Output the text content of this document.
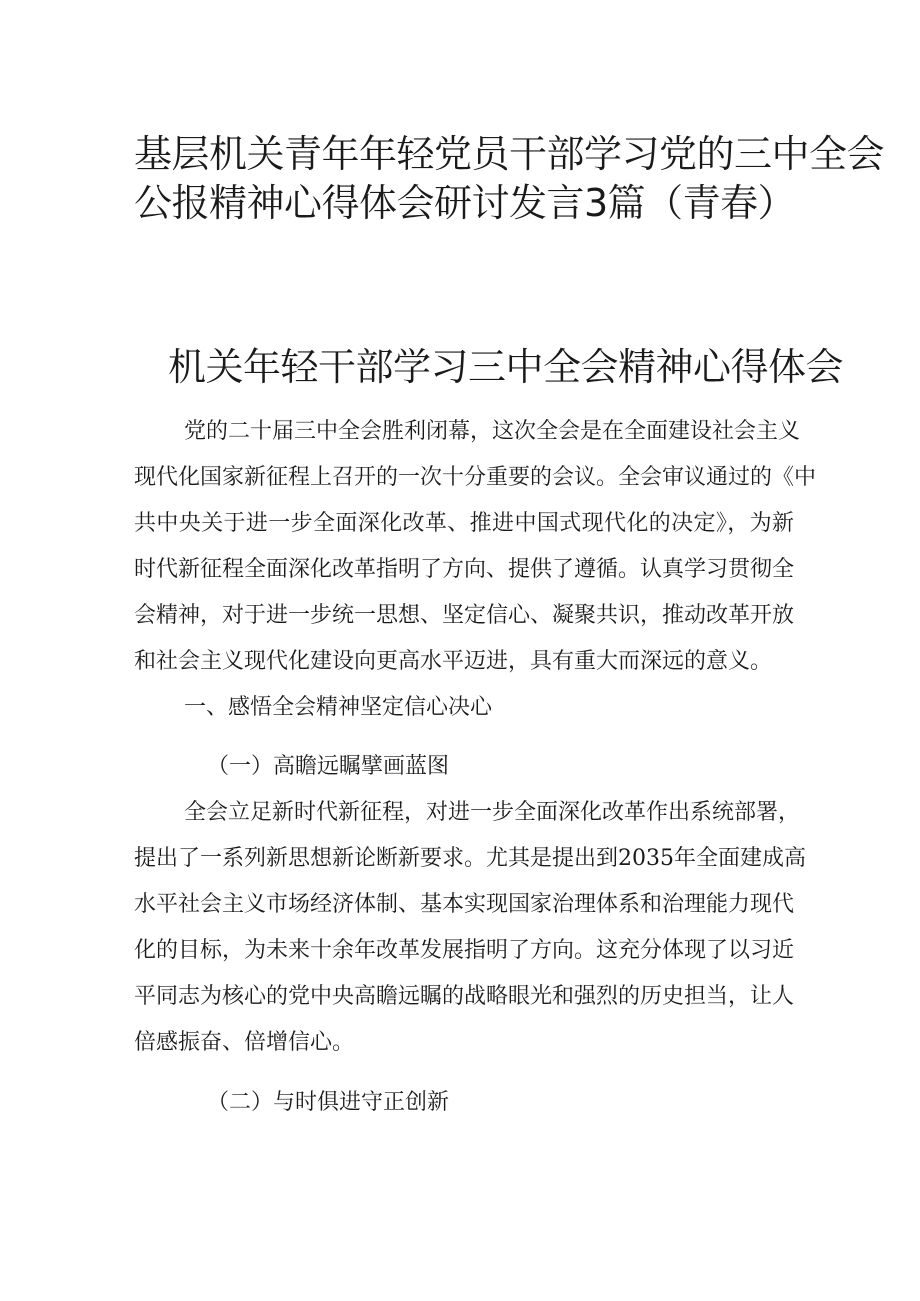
基层机关青年年轻党员干部学习党的三中全会
公报精神心得体会研讨发言3篇（青春）
机关年轻干部学习三中全会精神心得体会
党的二十届三中全会胜利闭幕，这次全会是在全面建设社会主义
现代化国家新征程上召开的一次十分重要的会议。全会审议通过的《中
共中央关于进一步全面深化改革、推进中国式现代化的决定》，为新
时代新征程全面深化改革指明了方向、提供了遵循。认真学习贯彻全
会精神，对于进一步统一思想、坚定信心、凝聚共识，推动改革开放
和社会主义现代化建设向更高水平迈进，具有重大而深远的意义。
一、感悟全会精神坚定信心决心
（一）高瞻远瞩擘画蓝图
全会立足新时代新征程，对进一步全面深化改革作出系统部署，
提出了一系列新思想新论断新要求。尤其是提出到2035年全面建成高
水平社会主义市场经济体制、基本实现国家治理体系和治理能力现代
化的目标，为未来十余年改革发展指明了方向。这充分体现了以习近
平同志为核心的党中央高瞻远瞩的战略眼光和强烈的历史担当，让人
倍感振奋、倍增信心。
（二）与时俱进守正创新
